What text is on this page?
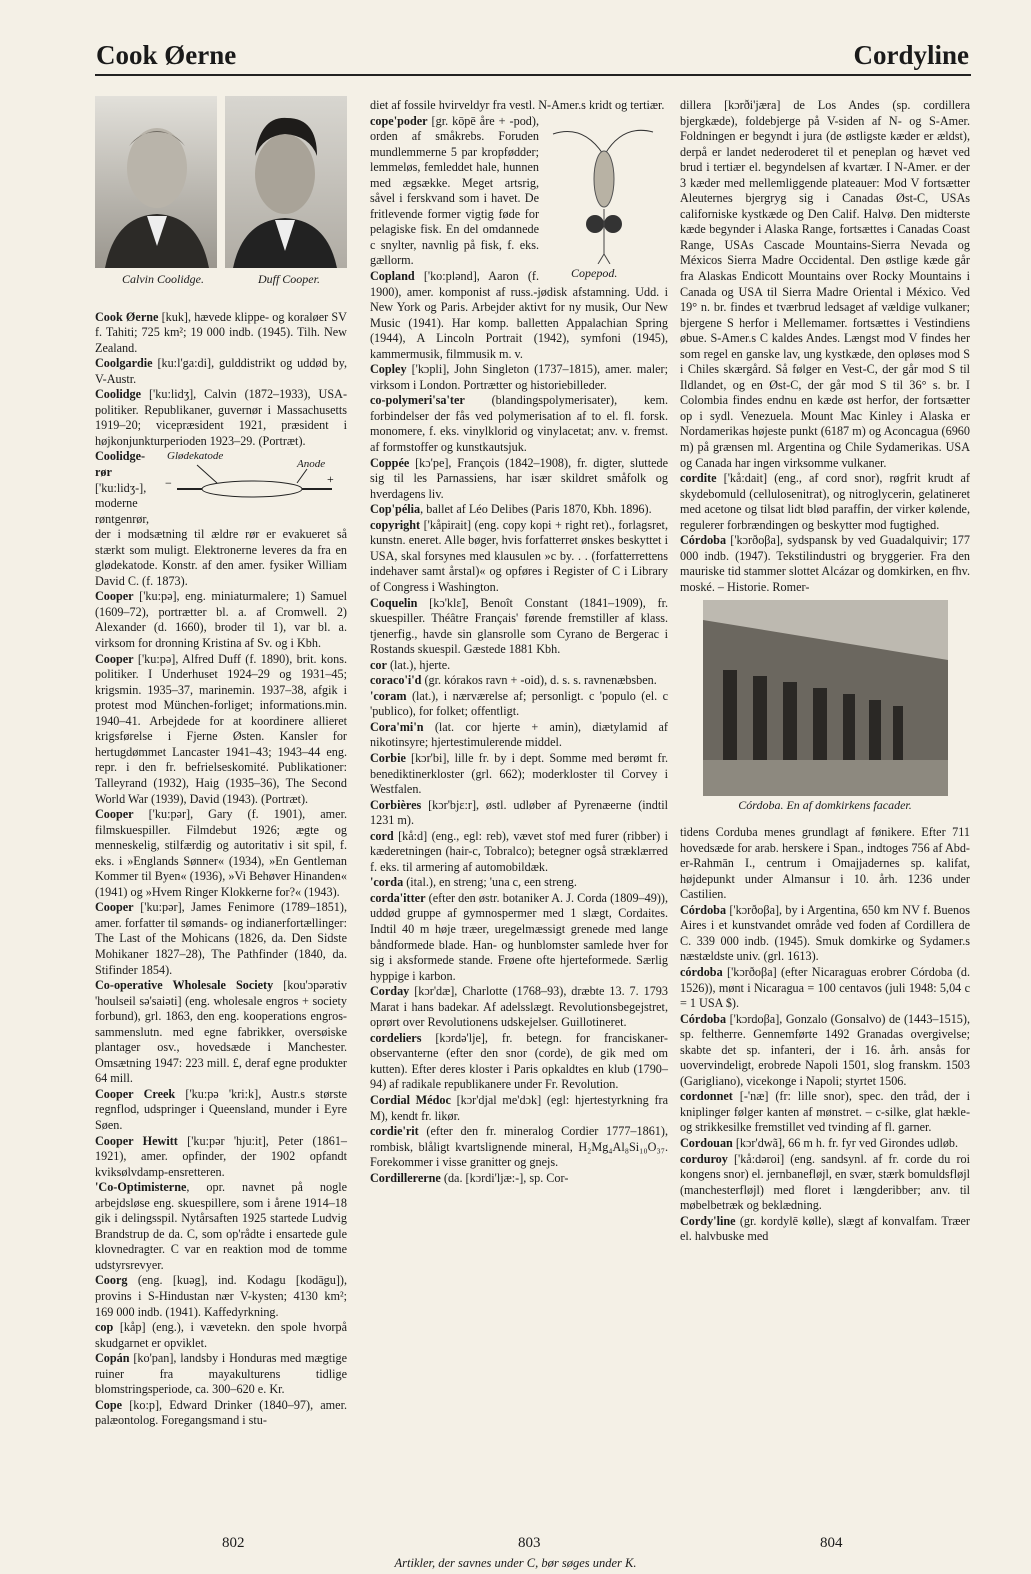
Cook Øerne	Cordyline
Calvin Coolidge.	Duff Cooper.

Cook Øerne [kuk], hævede klippe- og koraløer SV f. Tahiti; 725 km²; 19 000 indb. (1945). Tilh. New Zealand.

Coolgardie [ku:l'ga:di], gulddistrikt og uddød by, V-Austr.

Coolidge ['ku:lidʒ], Calvin (1872–1933), USA-politiker. Republikaner, guvernør i Massachusetts 1919–20; vicepræsident 1921, præsident i højkonjunkturperioden 1923–29. (Portræt).

Glødekatode
Anode
−	+

Coolidge-rør ['ku:lidʒ-], moderne røntgenrør, der i modsætning til ældre rør er evakueret så stærkt som muligt. Elektronerne leveres da fra en glødekatode. Konstr. af den amer. fysiker William David C. (f. 1873).

Cooper ['ku:pə], eng. miniaturmalere; 1) Samuel (1609–72), portrætter bl. a. af Cromwell. 2) Alexander (d. 1660), broder til 1), var bl. a. virksom for dronning Kristina af Sv. og i Kbh.

Cooper ['ku:pə], Alfred Duff (f. 1890), brit. kons. politiker. I Underhuset 1924–29 og 1931–45; krigsmin. 1935–37, marinemin. 1937–38, afgik i protest mod München-forliget; informations.min. 1940–41. Arbejdede for at koordinere allieret krigsførelse i Fjerne Østen. Kansler for hertugdømmet Lancaster 1941–43; 1943–44 eng. repr. i den fr. befrielseskomité. Publikationer: Talleyrand (1932), Haig (1935–36), The Second World War (1939), David (1943). (Portræt).

Cooper ['ku:pər], Gary (f. 1901), amer. filmskuespiller. Filmdebut 1926; ægte og menneskelig, stilfærdig og autoritativ i sit spil, f. eks. i »Englands Sønner« (1934), »En Gentleman Kommer til Byen« (1936), »Vi Behøver Hinanden« (1941) og »Hvem Ringer Klokkerne for?« (1943).

Cooper ['ku:pər], James Fenimore (1789–1851), amer. forfatter til sømands- og indianerfortællinger: The Last of the Mohicans (1826, da. Den Sidste Mohikaner 1827–28), The Pathfinder (1840, da. Stifinder 1854).

Co-operative Wholesale Society [kou'ɔpərətiv 'houlseil sə'saiəti] (eng. wholesale engros + society forbund), grl. 1863, den eng. kooperations engros-sammenslutn. med egne fabrikker, oversøiske plantager osv., hovedsæde i Manchester. Omsætning 1947: 223 mill. £, deraf egne produkter 64 mill.

Cooper Creek ['ku:pə 'kri:k], Austr.s største regnflod, udspringer i Queensland, munder i Eyre Søen.

Cooper Hewitt ['ku:pər 'hju:it], Peter (1861–1921), amer. opfinder, der 1902 opfandt kviksølvdamp-ensretteren.

'Co-Optimisterne, opr. navnet på nogle arbejdsløse eng. skuespillere, som i årene 1914–18 gik i delingsspil. Nytårsaften 1925 startede Ludvig Brandstrup de da. C, som op'rådte i ensartede gule klovnedragter. C var en reaktion mod de tomme udstyrsrevyer.

Coorg (eng. [kuəg], ind. Kodagu [kodāgu]), provins i S-Hindustan nær V-kysten; 4130 km²; 169 000 indb. (1941). Kaffedyrkning.

cop [kåp] (eng.), i vævetekn. den spole hvorpå skudgarnet er opviklet.

Copán [ko'pan], landsby i Honduras med mægtige ruiner fra mayakulturens tidlige blomstringsperiode, ca. 300–620 e. Kr.

Cope [ko:p], Edward Drinker (1840–97), amer. palæontolog. Foregangsmand i stu-

diet af fossile hvirveldyr fra vestl. N-Amer.s kridt og tertiær.

Copepod.

cope'poder [gr. kōpē åre + -pod), orden af småkrebs. Foruden mundlemmerne 5 par kropfødder; lemmeløs, femleddet hale, hunnen med ægsække. Meget artsrig, såvel i ferskvand som i havet. De fritlevende former vigtig føde for pelagiske fisk. En del omdannede c snylter, navnlig på fisk, f. eks. gællorm.

Copland ['ko:plənd], Aaron (f. 1900), amer. komponist af russ.-jødisk afstamning. Udd. i New York og Paris. Arbejder aktivt for ny musik, Our New Music (1941). Har komp. balletten Appalachian Spring (1944), A Lincoln Portrait (1942), symfoni (1945), kammermusik, filmmusik m. v.

Copley ['kɔpli], John Singleton (1737–1815), amer. maler; virksom i London. Portrætter og historiebilleder.

co-polymeri'sa'ter (blandingspolymerisater), kem. forbindelser der fås ved polymerisation af to el. fl. forsk. monomere, f. eks. vinylklorid og vinylacetat; anv. v. fremst. af formstoffer og kunstkautsjuk.

Coppée [kɔ'pe], François (1842–1908), fr. digter, sluttede sig til les Parnassiens, har især skildret småfolk og hverdagens liv.

Cop'pélia, ballet af Léo Delibes (Paris 1870, Kbh. 1896).

copyright ['kåpirait] (eng. copy kopi + right ret)., forlagsret, kunstn. eneret. Alle bøger, hvis forfatterret ønskes beskyttet i USA, skal forsynes med klausulen »c by. . . (forfatterrettens indehaver samt årstal)« og opføres i Register of C i Library of Congress i Washington.

Coquelin [kɔ'klɛ̃], Benoît Constant (1841–1909), fr. skuespiller. Théâtre Français' førende fremstiller af klass. tjenerfig., havde sin glansrolle som Cyrano de Bergerac i Rostands skuespil. Gæstede 1881 Kbh.

cor (lat.), hjerte.

coraco'i'd (gr. kórakos ravn + -oid), d. s. s. ravnenæbsben.

'coram (lat.), i nærværelse af; personligt. c 'populo (el. c 'publico), for folket; offentligt.

Cora'mi'n (lat. cor hjerte + amin), diætylamid af nikotinsyre; hjertestimulerende middel.

Corbie [kɔr'bi], lille fr. by i dept. Somme med berømt fr. benediktinerkloster (grl. 662); moderkloster til Corvey i Westfalen.

Corbières [kɔr'bjɛ:r], østl. udløber af Pyrenæerne (indtil 1231 m).

cord [kå:d] (eng., egl: reb), vævet stof med furer (ribber) i kæderetningen (hair-c, Tobralco); betegner også stræklærred f. eks. til armering af automobildæk.

'corda (ital.), en streng; 'una c, een streng.

corda'itter (efter den østr. botaniker A. J. Corda (1809–49)), uddød gruppe af gymnospermer med 1 slægt, Cordaites. Indtil 40 m høje træer, uregelmæssigt grenede med lange båndformede blade. Han- og hunblomster samlede hver for sig i aksformede stande. Frøene ofte hjerteformede. Særlig hyppige i karbon.

Corday [kɔr'dæ], Charlotte (1768–93), dræbte 13. 7. 1793 Marat i hans badekar. Af adelsslægt. Revolutionsbegejstret, oprørt over Revolutionens udskejelser. Guillotineret.

cordeliers [kɔrdə'lje], fr. betegn. for franciskaner-observanterne (efter den snor (corde), de gik med om kutten). Efter deres kloster i Paris opkaldtes en klub (1790–94) af radikale republikanere under Fr. Revolution.

Cordial Médoc [kɔr'djal me'dɔk] (egl: hjertestyrkning fra M), kendt fr. likør.

cordie'rit (efter den fr. mineralog Cordier 1777–1861), rombisk, blåligt kvartslignende mineral, H₂Mg₄Al₈Si₁₀O₃₇. Forekommer i visse granitter og gnejs.

Cordillererne (da. [kɔrdi'ljæ:-], sp. Cor-

dillera [kɔrði'jæra] de Los Andes (sp. cordillera bjergkæde), foldebjerge på V-siden af N- og S-Amer. Foldningen er begyndt i jura (de østligste kæder er ældst), derpå er landet nederoderet til et peneplan og hævet ved brud i tertiær el. begyndelsen af kvartær. I N-Amer. er der 3 kæder med mellemliggende plateauer: Mod V fortsætter Aleuternes bjergryg sig i Canadas Øst-C, USAs californiske kystkæde og Den Calif. Halvø. Den midterste kæde begynder i Alaska Range, fortsættes i Canadas Coast Range, USAs Cascade Mountains-Sierra Nevada og Méxicos Sierra Madre Occidental. Den østlige kæde går fra Alaskas Endicott Mountains over Rocky Mountains i Canada og USA til Sierra Madre Oriental i México. Ved 19° n. br. findes et tværbrud ledsaget af vældige vulkaner; bjergene S herfor i Mellemamer. fortsættes i Vestindiens øbue. S-Amer.s C kaldes Andes. Længst mod V findes her som regel en ganske lav, ung kystkæde, den opløses mod S i Chiles skærgård. Så følger en Vest-C, der går mod S til Ildlandet, og en Øst-C, der går mod S til 36° s. br. I Colombia findes endnu en kæde øst herfor, der fortsætter op i sydl. Venezuela. Mount Mac Kinley i Alaska er Nordamerikas højeste punkt (6187 m) og Aconcagua (6960 m) på grænsen ml. Argentina og Chile Sydamerikas. USA og Canada har ingen virksomme vulkaner.

cordite ['kå:dait] (eng., af cord snor), røgfrit krudt af skydebomuld (cellulosenitrat), og nitroglycerin, gelatineret med acetone og tilsat lidt blød paraffin, der virker kølende, regulerer forbrændingen og beskytter mod fugtighed.

Córdoba ['kɔrðoβa], sydspansk by ved Guadalquivir; 177 000 indb. (1947). Tekstilindustri og bryggerier. Fra den mauriske tid stammer slottet Alcázar og domkirken, en fhv. moské. – Historie. Romer-

Córdoba. En af domkirkens facader.

tidens Corduba menes grundlagt af fønikere. Efter 711 hovedsæde for arab. herskere i Span., indtoges 756 af Abd-er-Rahmān I., centrum i Omajjadernes sp. kalifat, højdepunkt under Almansur i 10. årh. 1236 under Castilien.

Córdoba ['kɔrðoβa], by i Argentina, 650 km NV f. Buenos Aires i et kunstvandet område ved foden af Cordillera de C. 339 000 indb. (1945). Smuk domkirke og Sydamer.s næstældste univ. (grl. 1613).

córdoba ['kɔrðoβa] (efter Nicaraguas erobrer Córdoba (d. 1526)), mønt i Nicaragua = 100 centavos (juli 1948: 5,04 c = 1 USA $).

Córdoba ['kɔrdoβa], Gonzalo (Gonsalvo) de (1443–1515), sp. feltherre. Gennemførte 1492 Granadas overgivelse; skabte det sp. infanteri, der i 16. årh. ansås for uovervindeligt, erobrede Napoli 1501, slog franskm. 1503 (Garigliano), vicekonge i Napoli; styrtet 1506.

cordonnet [-'næ] (fr: lille snor), spec. den tråd, der i kniplinger følger kanten af mønstret. – c-silke, glat hækle- og strikkesilke fremstillet ved tvinding af fl. garner.

Cordouan [kɔr'dwã], 66 m h. fr. fyr ved Girondes udløb.

corduroy ['kå:dəroi] (eng. sandsynl. af fr. corde du roi kongens snor) el. jernbanefløjl, en svær, stærk bomuldsfløjl (manchesterfløjl) med floret i længderibber; anv. til møbelbetræk og beklædning.

Cordy'line (gr. kordylē kølle), slægt af konvalfam. Træer el. halvbuske med

802	803	804
Artikler, der savnes under C, bør søges under K.
